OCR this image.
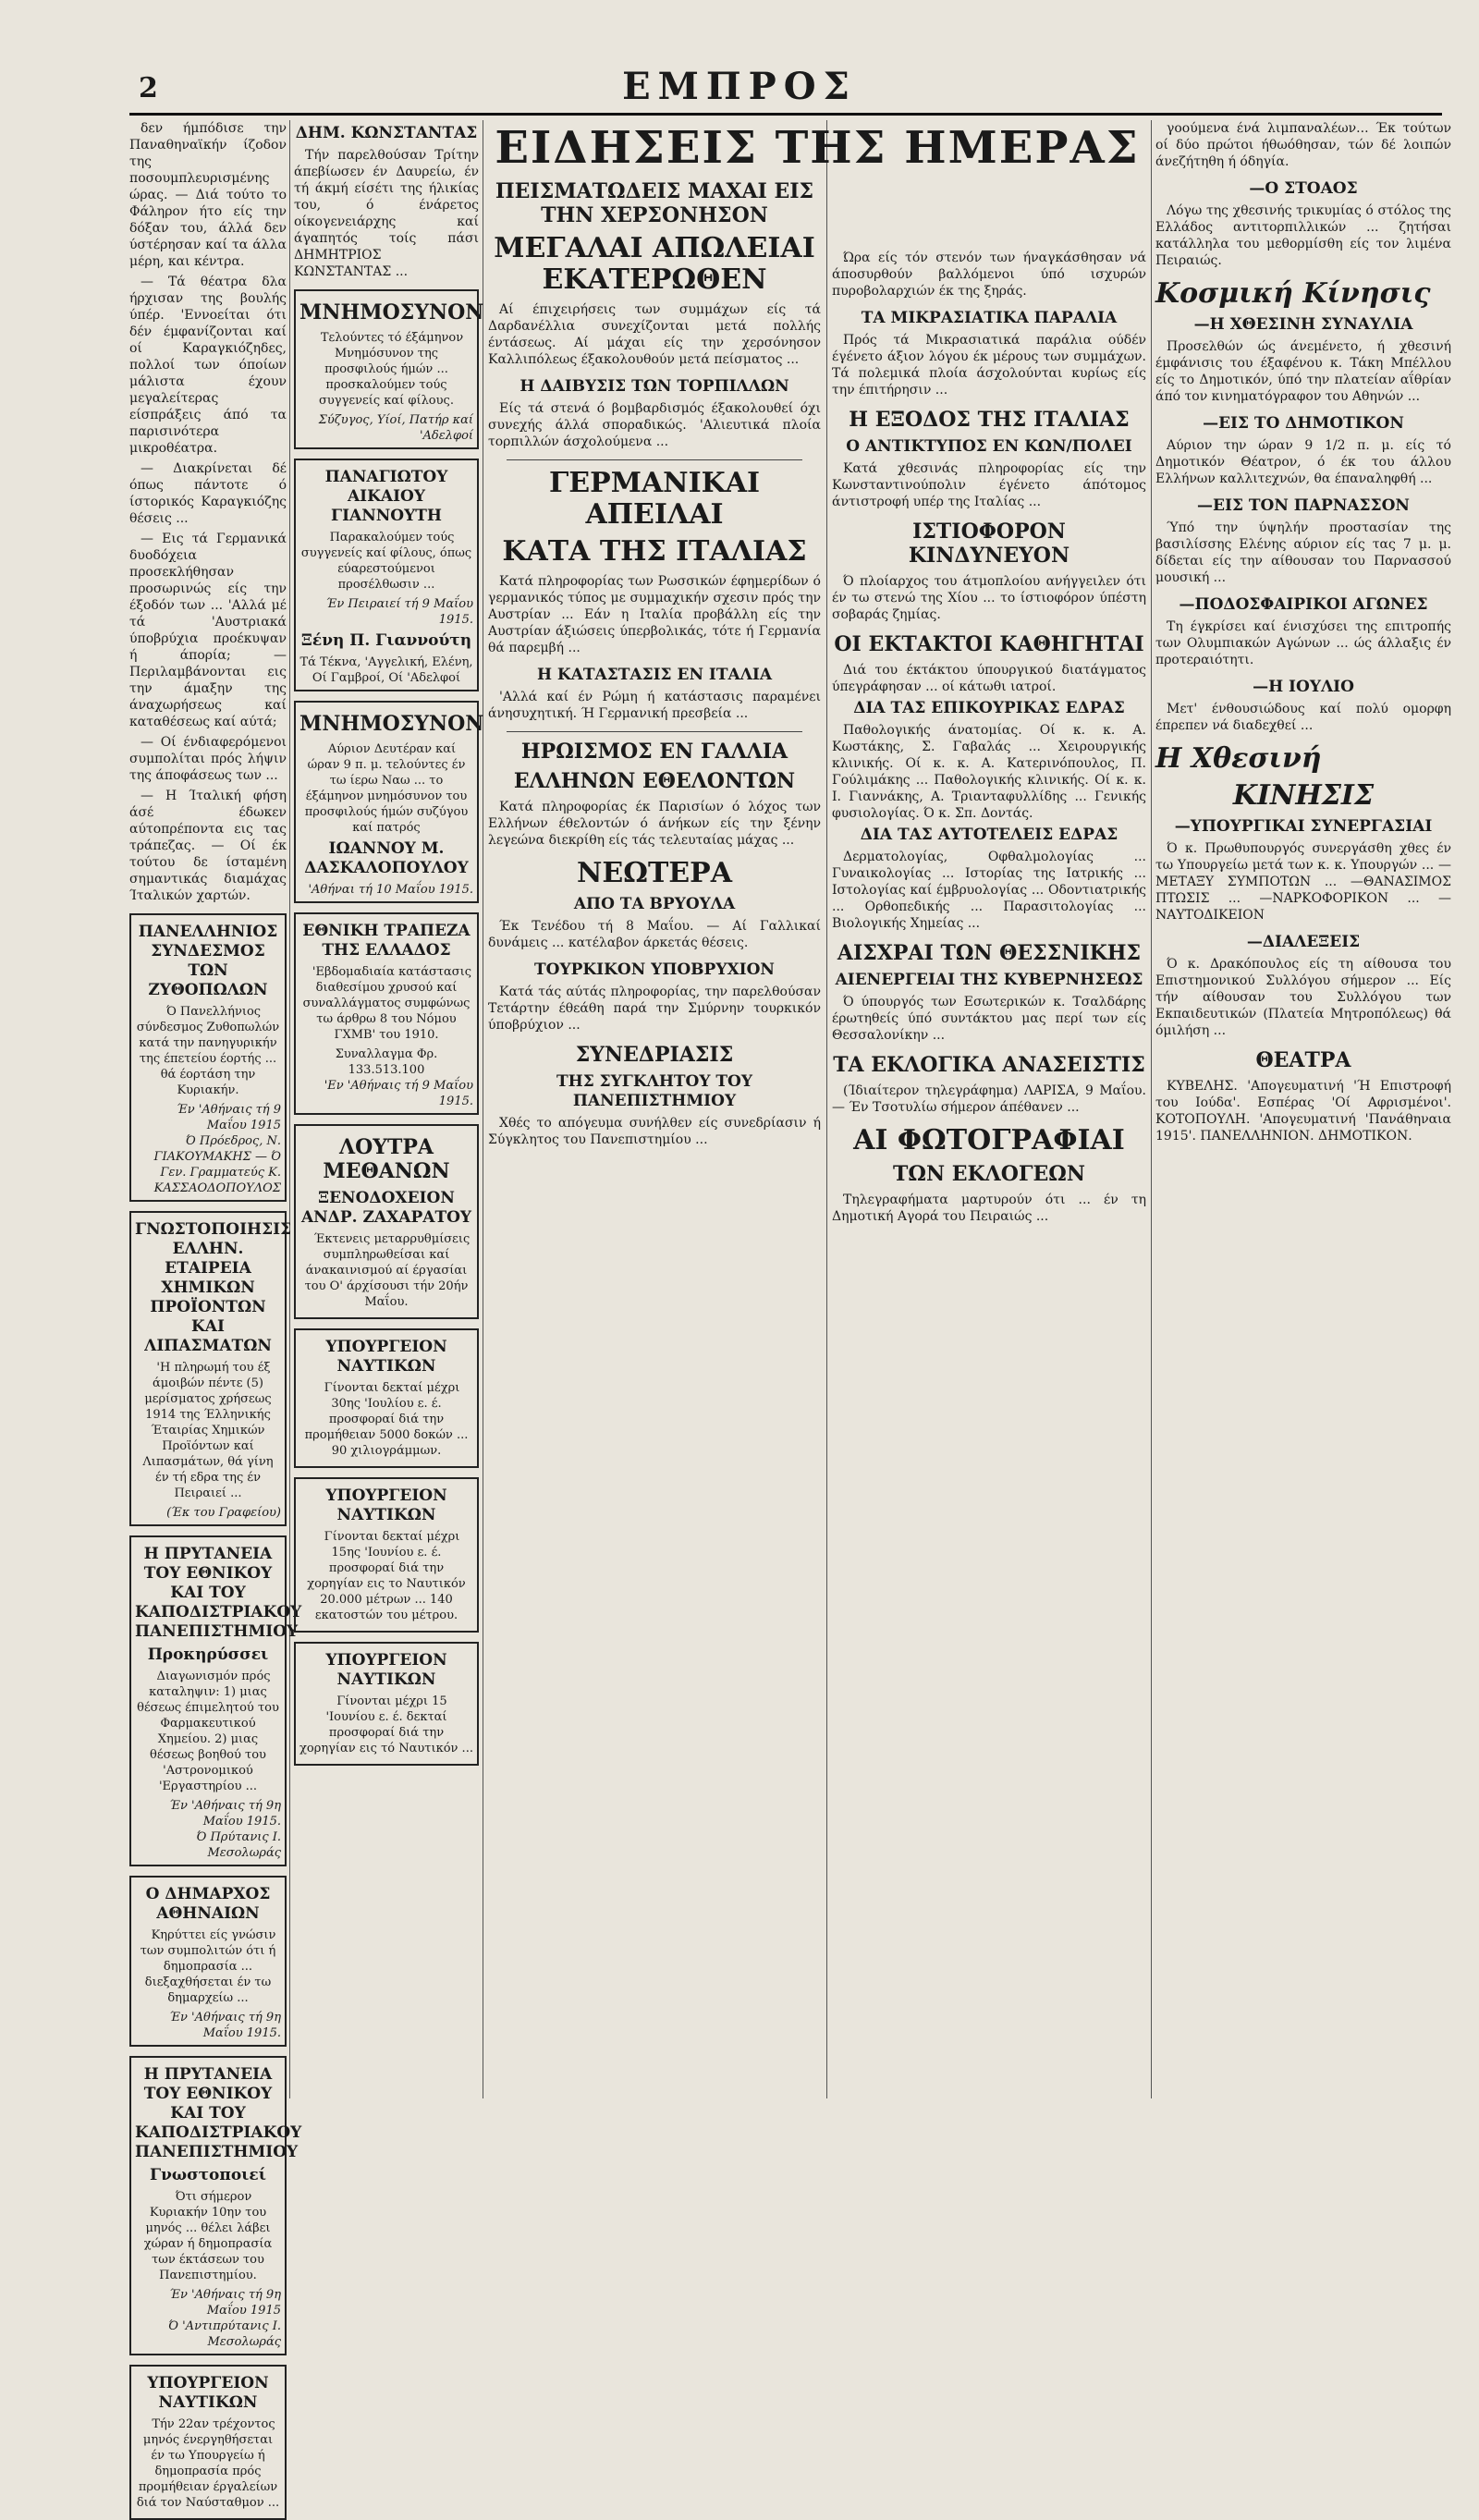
2	ΕΜΠΡΟΣ

δεν ήμπόδισε την Παναθηναϊκήν ίζοδον της ποσουμπλευρισμένης ώρας. — Διά τούτο το Φάληρον ήτο είς την δόξαν του, άλλά δεν ύστέρησαν καί τα άλλα μέρη, και κέντρα.

— Τά θέατρα δλα ήρχισαν της βουλής ύπέρ. 'Εννοείται ότι δέν έμφανίζονται καί οί Καραγκιόζηδες, πολλοί των όποίων μάλιστα έχουν μεγαλείτερας είσπράξεις άπό τα παρισινότερα μικροθέατρα.

— Διακρίνεται δέ όπως πάντοτε ό ίστορικός Καραγκιόζης θέσεις ...

— Εις τά Γερμανικά δυοδόχεια προσεκλήθησαν προσωρινώς είς την έξοδόν των ... 'Αλλά μέ τά 'Αυστριακά ύποβρύχια προέκυψαν ή άπορία; — Περιλαμβάνονται εις την άμαξην της άναχωρήσεως καί καταθέσεως καί αύτά;

— Οί ένδιαφερόμενοι συμπολίται πρός λήψιν της άποφάσεως των ...

— Η Ίταλική φήση άσέ έδωκεν αύτοπρέποντα εις τας τράπεζας. — Οί έκ τούτου δε ίσταμένη σημαντικάς διαμάχας Ίταλικών χαρτών.

ΠΑΝΕΛΛΗΝΙΟΣ ΣΥΝΔΕΣΜΟΣ ΤΩΝ ΖΥΘΟΠΩΛΩΝ

Ό Πανελλήνιος σύνδεσμος Ζυθοπωλών κατά την πανηγυρικήν της έπετείου έορτής ... θά έορτάση την Κυριακήν.

Έν 'Αθήναις τή 9 Μαΐου 1915
Ό Πρόεδρος, Ν. ΓΙΑΚΟΥΜΑΚΗΣ — Ό Γεν. Γραμματεύς Κ. ΚΑΣΣΑΟΔΟΠΟΥΛΟΣ
ΓΝΩΣΤΟΠΟΙΗΣΙΣ ΕΛΛΗΝ. ΕΤΑΙΡΕΙΑ ΧΗΜΙΚΩΝ ΠΡΟΪΟΝΤΩΝ ΚΑΙ ΛΙΠΑΣΜΑΤΩΝ

'Η πληρωμή του έξ άμοιβών πέντε (5) μερίσματος χρήσεως 1914 της Έλληνικής Έταιρίας Χημικών Προϊόντων καί Λιπασμάτων, θά γίνη έν τή εδρα της έν Πειραιεί ...

(Έκ του Γραφείου)
Η ΠΡΥΤΑΝΕΙΑ ΤΟΥ ΕΘΝΙΚΟΥ ΚΑΙ ΤΟΥ ΚΑΠΟΔΙΣΤΡΙΑΚΟΥ ΠΑΝΕΠΙΣΤΗΜΙΟΥ
Προκηρύσσει

Διαγωνισμόν πρός καταληψιν: 1) μιας θέσεως έπιμελητού του Φαρμακευτικού Χημείου. 2) μιας θέσεως βοηθού του 'Αστρονομικού 'Εργαστηρίου ...

Έν 'Αθήναις τή 9η Μαΐου 1915.
Ό Πρύτανις Ι. Μεσολωράς
Ο ΔΗΜΑΡΧΟΣ ΑΘΗΝΑΙΩΝ

Κηρύττει είς γνώσιν των συμπολιτών ότι ή δημοπρασία ... διεξαχθήσεται έν τω δημαρχείω ...

Έν 'Αθήναις τή 9η Μαΐου 1915.
Η ΠΡΥΤΑΝΕΙΑ ΤΟΥ ΕΘΝΙΚΟΥ ΚΑΙ ΤΟΥ ΚΑΠΟΔΙΣΤΡΙΑΚΟΥ ΠΑΝΕΠΙΣΤΗΜΙΟΥ
Γνωστοποιεί

Ότι σήμερον Κυριακήν 10ην του μηνός ... θέλει λάβει χώραν ή δημοπρασία των έκτάσεων του Πανεπιστημίου.

Έν 'Αθήναις τή 9η Μαΐου 1915
Ό 'Αντιπρύτανις Ι. Μεσολωράς
ΥΠΟΥΡΓΕΙΟΝ ΝΑΥΤΙΚΩΝ

Τήν 22αν τρέχοντος μηνός ένεργηθήσεται έν τω Υπουργείω ή δημοπρασία πρός προμήθειαν έργαλείων διά τον Ναύσταθμον ...

ΔΗΜ. ΚΩΝΣΤΑΝΤΑΣ

Τήν παρελθούσαν Τρίτην άπεβίωσεν έν Δαυρείω, έν τή άκμή είσέτι της ήλικίας του, ό ένάρετος οίκογενειάρχης καί άγαπητός τοίς πάσι ΔΗΜΗΤΡΙΟΣ ΚΩΝΣΤΑΝΤΑΣ ...

ΜΝΗΜΟΣΥΝΟΝ

Τελούντες τό έξάμηνον Μνημόσυνον της προσφιλούς ήμών ... προσκαλούμεν τούς συγγενείς καί φίλους.

Σύζυγος, Υίοί, Πατήρ καί 'Αδελφοί
ΠΑΝΑΓΙΩΤΟΥ ΑΙΚΑΙΟΥ ΓΙΑΝΝΟΥΤΗ

Παρακαλούμεν τούς συγγενείς καί φίλους, όπως εύαρεστούμενοι προσέλθωσιν ...

Έν Πειραιεί τή 9 Μαΐου 1915.
Ξένη Π. Γιαννούτη
Τά Τέκνα, 'Αγγελική, Ελένη, Οί Γαμβροί, Οί 'Αδελφοί
ΜΝΗΜΟΣΥΝΟΝ

Αύριον Δευτέραν καί ώραν 9 π. μ. τελούντες έν τω ίερω Ναω ... το έξάμηνον μνημόσυνον του προσφιλούς ήμών συζύγου καί πατρός

ΙΩΑΝΝΟΥ Μ. ΔΑΣΚΑΛΟΠΟΥΛΟΥ
'Αθήναι τή 10 Μαΐου 1915.
ΕΘΝΙΚΗ ΤΡΑΠΕΖΑ ΤΗΣ ΕΛΛΑΔΟΣ

'Εβδομαδιαία κατάστασις διαθεσίμου χρυσού καί συναλλάγματος συμφώνως τω άρθρω 8 του Νόμου ΓΧΜΒ' του 1910.

Συναλλαγμα Φρ. 133.513.100
'Εν 'Αθήναις τή 9 Μαΐου 1915.
ΛΟΥΤΡΑ ΜΕΘΑΝΩΝ
ΞΕΝΟΔΟΧΕΙΟΝ ΑΝΔΡ. ΖΑΧΑΡΑΤΟΥ

Έκτενεις μεταρρυθμίσεις συμπληρωθείσαι καί άνακαινισμού αί έργασίαι του Ο' άρχίσουσι τήν 20ήν Μαΐου.

ΥΠΟΥΡΓΕΙΟΝ ΝΑΥΤΙΚΩΝ

Γίνονται δεκταί μέχρι 30ης 'Ιουλίου ε. έ. προσφοραί διά την προμήθειαν 5000 δοκών ... 90 χιλιογράμμων.

ΥΠΟΥΡΓΕΙΟΝ ΝΑΥΤΙΚΩΝ

Γίνονται δεκταί μέχρι 15ης 'Ιουνίου ε. έ. προσφοραί διά την χορηγίαν εις το Ναυτικόν 20.000 μέτρων ... 140 εκατοστών του μέτρου.

ΥΠΟΥΡΓΕΙΟΝ ΝΑΥΤΙΚΩΝ

Γίνονται μέχρι 15 'Ιουνίου ε. έ. δεκταί προσφοραί διά την χορηγίαν εις τό Ναυτικόν ...

ΕΙΔΗΣΕΙΣ ΤΗΣ ΗΜΕΡΑΣ
ΠΕΙΣΜΑΤΩΔΕΙΣ ΜΑΧΑΙ ΕΙΣ ΤΗΝ ΧΕΡΣΟΝΗΣΟΝ
ΜΕΓΑΛΑΙ ΑΠΩΛΕΙΑΙ ΕΚΑΤΕΡΩΘΕΝ

Αί έπιχειρήσεις των συμμάχων είς τά Δαρδανέλλια συνεχίζονται μετά πολλής έντάσεως. Αί μάχαι είς την χερσόνησον Καλλιπόλεως έξακολουθούν μετά πείσματος ...

Η ΔΑΙΒΥΣΙΣ ΤΩΝ ΤΟΡΠΙΛΛΩΝ

Είς τά στενά ό βομβαρδισμός έξακολουθεί όχι συνεχής άλλά σποραδικώς. 'Αλιευτικά πλοία τορπιλλών άσχολούμενα ...

ΓΕΡΜΑΝΙΚΑΙ ΑΠΕΙΛΑΙ
ΚΑΤΑ ΤΗΣ ΙΤΑΛΙΑΣ

Κατά πληροφορίας των Ρωσσικών έφημερίδων ό γερμανικός τύπος με συμμαχικήν σχεσιν πρός την Αυστρίαν ... Εάν η Ιταλία προβάλλη είς την Αυστρίαν άξιώσεις ύπερβολικάς, τότε ή Γερμανία θά παρεμβή ...

Η ΚΑΤΑΣΤΑΣΙΣ ΕΝ ΙΤΑΛΙΑ

'Αλλά καί έν Ρώμη ή κατάστασις παραμένει άνησυχητική. Ή Γερμανική πρεσβεία ...

ΗΡΩΙΣΜΟΣ ΕΝ ΓΑΛΛΙΑ
ΕΛΛΗΝΩΝ ΕΘΕΛΟΝΤΩΝ

Κατά πληροφορίας έκ Παρισίων ό λόχος των Ελλήνων έθελοντών ό άνήκων είς την ξένην λεγεώνα διεκρίθη είς τάς τελευταίας μάχας ...

ΝΕΩΤΕΡΑ
ΑΠΟ ΤΑ ΒΡΥΟΥΛΑ

Έκ Τενέδου τή 8 Μαΐου. — Αί Γαλλικαί δυνάμεις ... κατέλαβον άρκετάς θέσεις.

ΤΟΥΡΚΙΚΟΝ ΥΠΟΒΡΥΧΙΟΝ

Κατά τάς αύτάς πληροφορίας, την παρελθούσαν Τετάρτην έθεάθη παρά την Σμύρνην τουρκικόν ύποβρύχιον ...

ΣΥΝΕΔΡΙΑΣΙΣ
ΤΗΣ ΣΥΓΚΛΗΤΟΥ ΤΟΥ ΠΑΝΕΠΙΣΤΗΜΙΟΥ

Χθές το απόγευμα συνήλθεν είς συνεδρίασιν ή Σύγκλητος του Πανεπιστημίου ...

Ώρα είς τόν στενόν των ήναγκάσθησαν νά άποσυρθούν βαλλόμενοι ύπό ισχυρών πυροβολαρχιών έκ της ξηράς.

ΤΑ ΜΙΚΡΑΣΙΑΤΙΚΑ ΠΑΡΑΛΙΑ

Πρός τά Μικρασιατικά παράλια ούδέν έγένετο άξιον λόγου έκ μέρους των συμμάχων. Τά πολεμικά πλοία άσχολούνται κυρίως είς την έπιτήρησιν ...

Η ΕΞΟΔΟΣ ΤΗΣ ΙΤΑΛΙΑΣ
Ο ΑΝΤΙΚΤΥΠΟΣ ΕΝ ΚΩΝ/ΠΟΛΕΙ

Κατά χθεσινάς πληροφορίας είς την Κωνσταντινούπολιν έγένετο άπότομος άντιστροφή υπέρ της Ιταλίας ...

ΙΣΤΙΟΦΟΡΟΝ ΚΙΝΔΥΝΕΥΟΝ

Ό πλοίαρχος του άτμοπλοίου ανήγγειλεν ότι έν τω στενώ της Χίου ... το ίστιοφόρον ύπέστη σοβαράς ζημίας.

ΟΙ ΕΚΤΑΚΤΟΙ ΚΑΘΗΓΗΤΑΙ

Διά του έκτάκτου ύπουργικού διατάγματος ύπεγράφησαν ... οί κάτωθι ιατροί.

ΔΙΑ ΤΑΣ ΕΠΙΚΟΥΡΙΚΑΣ ΕΔΡΑΣ

Παθολογικής άνατομίας. Οί κ. κ. Α. Κωστάκης, Σ. Γαβαλάς ... Χειρουργικής κλινικής. Οί κ. κ. Α. Κατερινόπουλος, Π. Γούλιμάκης ... Παθολογικής κλινικής. Οί κ. κ. Ι. Γιαννάκης, Α. Τριανταφυλλίδης ... Γενικής φυσιολογίας. Ό κ. Σπ. Δοντάς.

ΔΙΑ ΤΑΣ ΑΥΤΟΤΕΛΕΙΣ ΕΔΡΑΣ

Δερματολογίας, Οφθαλμολογίας ... Γυναικολογίας ... Ιστορίας της Ιατρικής ... Ιστολογίας καί έμβρυολογίας ... Οδοντιατρικής ... Ορθοπεδικής ... Παρασιτολογίας ... Βιολογικής Χημείας ...

ΑΙΣΧΡΑΙ ΤΩΝ ΘΕΣΣΝΙΚΗΣ
ΑΙΕΝΕΡΓΕΙΑΙ ΤΗΣ ΚΥΒΕΡΝΗΣΕΩΣ

Ό ύπουργός των Εσωτερικών κ. Τσαλδάρης έρωτηθείς ύπό συντάκτου μας περί των είς Θεσσαλονίκην ...

ΤΑ ΕΚΛΟΓΙΚΑ ΑΝΑΣΕΙΣΤΙΣ

(Ίδιαίτερον τηλεγράφημα) ΛΑΡΙΣΑ, 9 Μαΐου. — Έν Τσοτυλίω σήμερον άπέθανεν ...

ΑΙ ΦΩΤΟΓΡΑΦΙΑΙ
ΤΩΝ ΕΚΛΟΓΕΩΝ

Τηλεγραφήματα μαρτυρούν ότι ... έν τη Δημοτική Αγορά του Πειραιώς ...

γοούμενα ένά λιμπαναλέων... Έκ τούτων οί δύο πρώτοι ήθωόθησαν, τών δέ λοιπών άνεζήτηθη ή όδηγία.

—Ο ΣΤΟΑΟΣ

Λόγω της χθεσινής τρικυμίας ό στόλος της Ελλάδος αντιτορπιλλικών ... ζητήσαι κατάλληλα του μεθορμίσθη είς τον λιμένα Πειραιώς.

Κοσμική Κίνησις
—Η ΧΘΕΣΙΝΗ ΣΥΝΑΥΛΙΑ

Προσελθών ώς άνεμένετο, ή χθεσινή έμφάνισις του έξαφένου κ. Τάκη Μπέλλου είς το Δημοτικόν, ύπό την πλατείαν αΐθρίαν άπό τον κινηματόγραφον του Αθηνών ...

—ΕΙΣ ΤΟ ΔΗΜΟΤΙΚΟΝ

Αύριον την ώραν 9 1/2 π. μ. είς τό Δημοτικόν Θέατρον, ό έκ του άλλου Ελλήνων καλλιτεχνών, θα έπαναληφθή ...

—ΕΙΣ ΤΟΝ ΠΑΡΝΑΣΣΟΝ

Ύπό την ύψηλήν προστασίαν της βασιλίσσης Ελένης αύριον είς τας 7 μ. μ. δίδεται είς την αίθουσαν του Παρνασσού μουσική ...

—ΠΟΔΟΣΦΑΙΡΙΚΟΙ ΑΓΩΝΕΣ

Τη έγκρίσει καί ένισχύσει της επιτροπής των Ολυμπιακών Αγώνων ... ώς άλλαξις έν προτεραιότητι.

—Η ΙΟΥΛΙΟ

Μετ' ένθουσιώδους καί πολύ ομορφη έπρεπεν νά διαδεχθεί ...

Η Χθεσινή
ΚΙΝΗΣΙΣ
—ΥΠΟΥΡΓΙΚΑΙ ΣΥΝΕΡΓΑΣΙΑΙ

Ό κ. Πρωθυπουργός συνεργάσθη χθες έν τω Υπουργείω μετά των κ. κ. Υπουργών ... —ΜΕΤΑΞΥ ΣΥΜΠΟΤΩΝ ... —ΘΑΝΑΣΙΜΟΣ ΠΤΩΣΙΣ ... —ΝΑΡΚΟΦΟΡΙΚΟΝ ... —ΝΑΥΤΟΔΙΚΕΙΟΝ

—ΔΙΑΛΕΞΕΙΣ

Ό κ. Δρακόπουλος είς τη αίθουσα του Επιστημονικού Συλλόγου σήμερον ... Είς τήν αίθουσαν του Συλλόγου των Εκπαιδευτικών (Πλατεία Μητροπόλεως) θά όμιλήση ...

ΘΕΑΤΡΑ

ΚΥΒΕΛΗΣ. 'Απογευματινή 'Ή Επιστροφή του Ιούδα'. Εσπέρας 'Οί Αφρισμένοι'. ΚΟΤΟΠΟΥΛΗ. 'Απογευματινή 'Πανάθηναια 1915'. ΠΑΝΕΛΛΗΝΙΟΝ. ΔΗΜΟΤΙΚΟΝ.
